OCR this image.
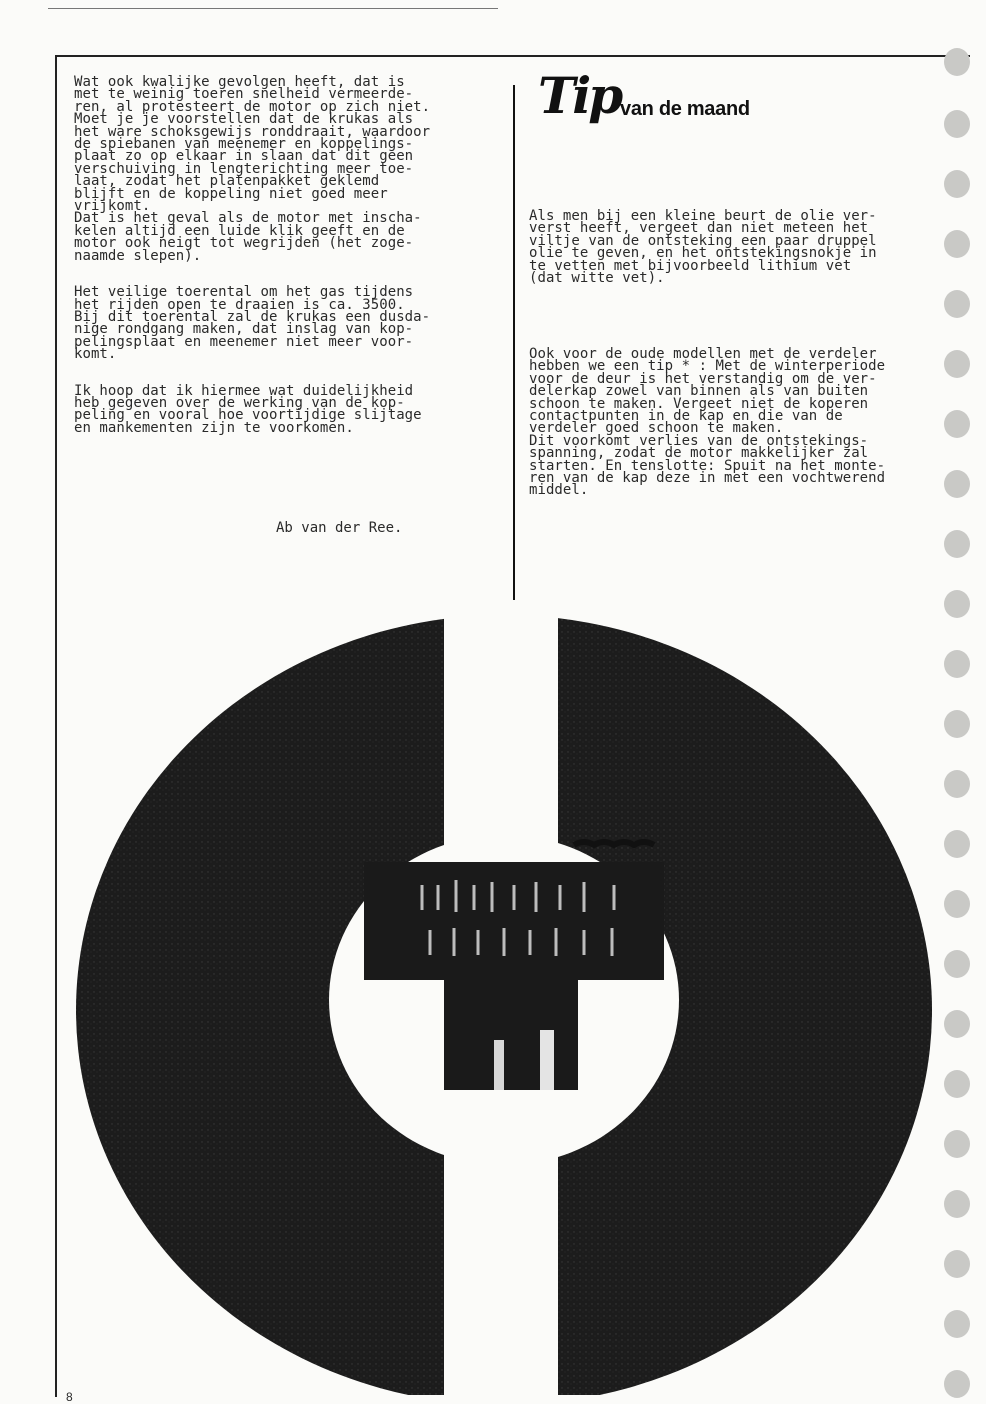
Wat ook kwalijke gevolgen heeft, dat is
met te weinig toeren snelheid vermeerde-
ren, al protesteert de motor op zich niet.
Moet je je voorstellen dat de krukas als
het ware schoksgewijs ronddraait, waardoor
de spiebanen van meenemer en koppelings-
plaat zo op elkaar in slaan dat dit geen
verschuiving in lengterichting meer toe-
laat, zodat het platenpakket geklemd
blijft en de koppeling niet goed meer
vrijkomt.
Dat is het geval als de motor met inscha-
kelen altijd een luide klik geeft en de
motor ook neigt tot wegrijden (het zoge-
naamde slepen).

Het veilige toerental om het gas tijdens
het rijden open te draaien is ca. 3500.
Bij dit toerental zal de krukas een dusda-
nige rondgang maken, dat inslag van kop-
pelingsplaat en meenemer niet meer voor-
komt.

Ik hoop dat ik hiermee wat duidelijkheid
heb gegeven over de werking van de kop-
peling en vooral hoe voortijdige slijtage
en mankementen zijn te voorkomen.

Ab van der Ree.
Tip van de maand

Als men bij een kleine beurt de olie ver-
verst heeft, vergeet dan niet meteen het
viltje van de ontsteking een paar druppel
olie te geven, en het ontstekingsnokje in
te vetten met bijvoorbeeld lithium vet
(dat witte vet).

Ook voor de oude modellen met de verdeler
hebben we een tip * : Met de winterperiode
voor de deur is het verstandig om de ver-
delerkap zowel van binnen als van buiten
schoon te maken. Vergeet niet de koperen
contactpunten in de kap en die van de
verdeler goed schoon te maken.
Dit voorkomt verlies van de ontstekings-
spanning, zodat de motor makkelijker zal
starten. En tenslotte: Spuit na het monte-
ren van de kap deze in met een vochtwerend
middel.

8
